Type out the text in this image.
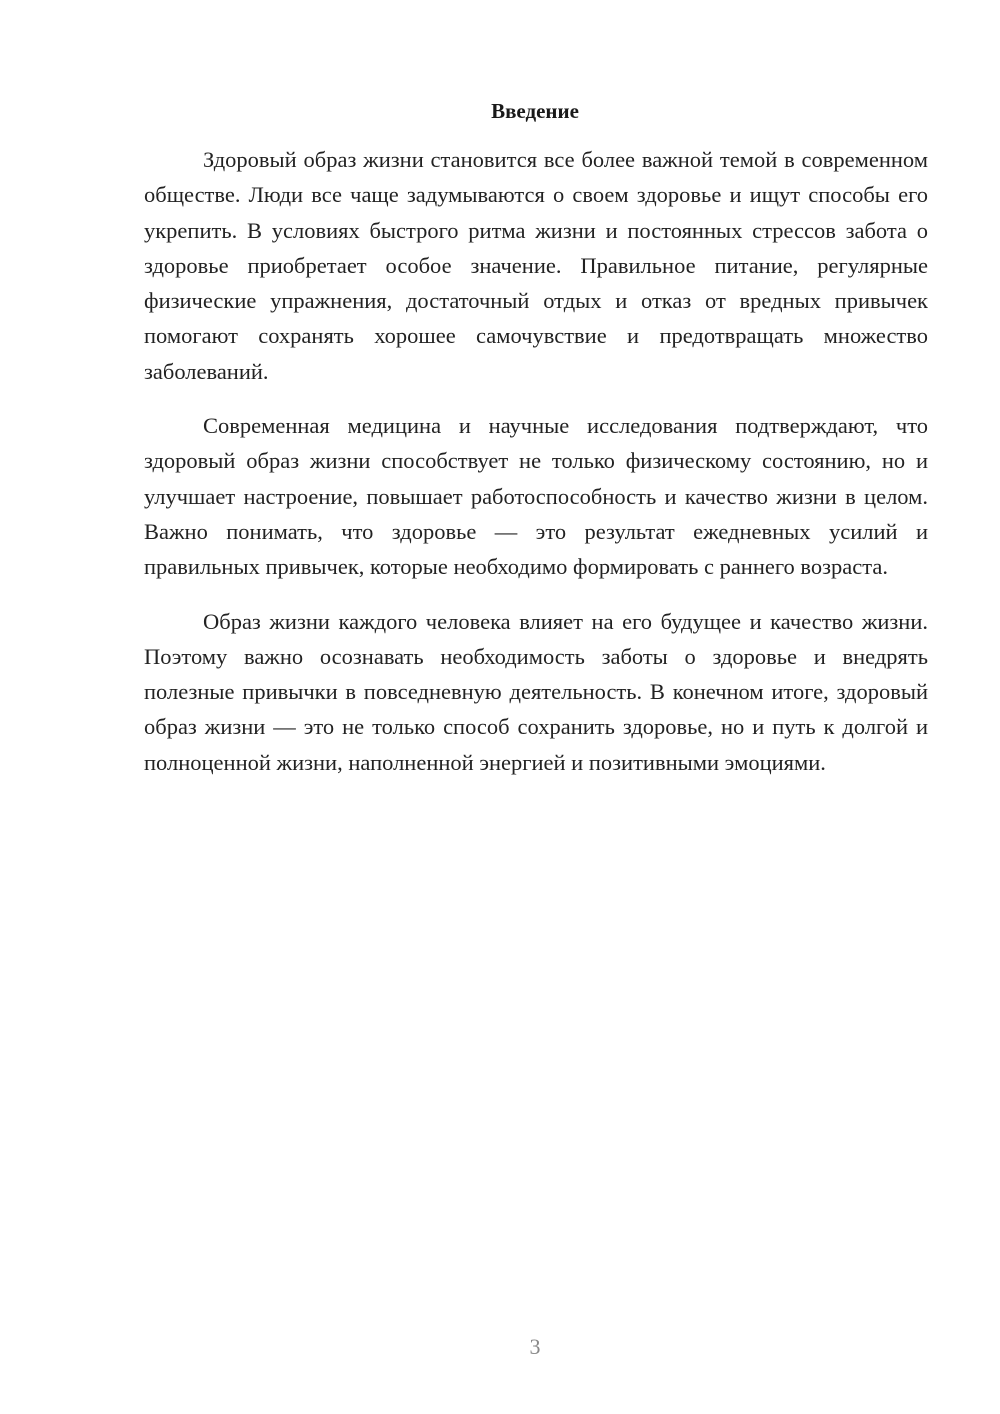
Введение

Здоровый образ жизни становится все более важной темой в современном обществе. Люди все чаще задумываются о своем здоровье и ищут способы его укрепить. В условиях быстрого ритма жизни и постоянных стрессов забота о здоровье приобретает особое значение. Правильное питание, регулярные физические упражнения, достаточный отдых и отказ от вредных привычек помогают сохранять хорошее самочувствие и предотвращать множество заболеваний.

Современная медицина и научные исследования подтверждают, что здоровый образ жизни способствует не только физическому состоянию, но и улучшает настроение, повышает работоспособность и качество жизни в целом. Важно понимать, что здоровье — это результат ежедневных усилий и правильных привычек, которые необходимо формировать с раннего возраста.

Образ жизни каждого человека влияет на его будущее и качество жизни. Поэтому важно осознавать необходимость заботы о здоровье и внедрять полезные привычки в повседневную деятельность. В конечном итоге, здоровый образ жизни — это не только способ сохранить здоровье, но и путь к долгой и полноценной жизни, наполненной энергией и позитивными эмоциями.

3
